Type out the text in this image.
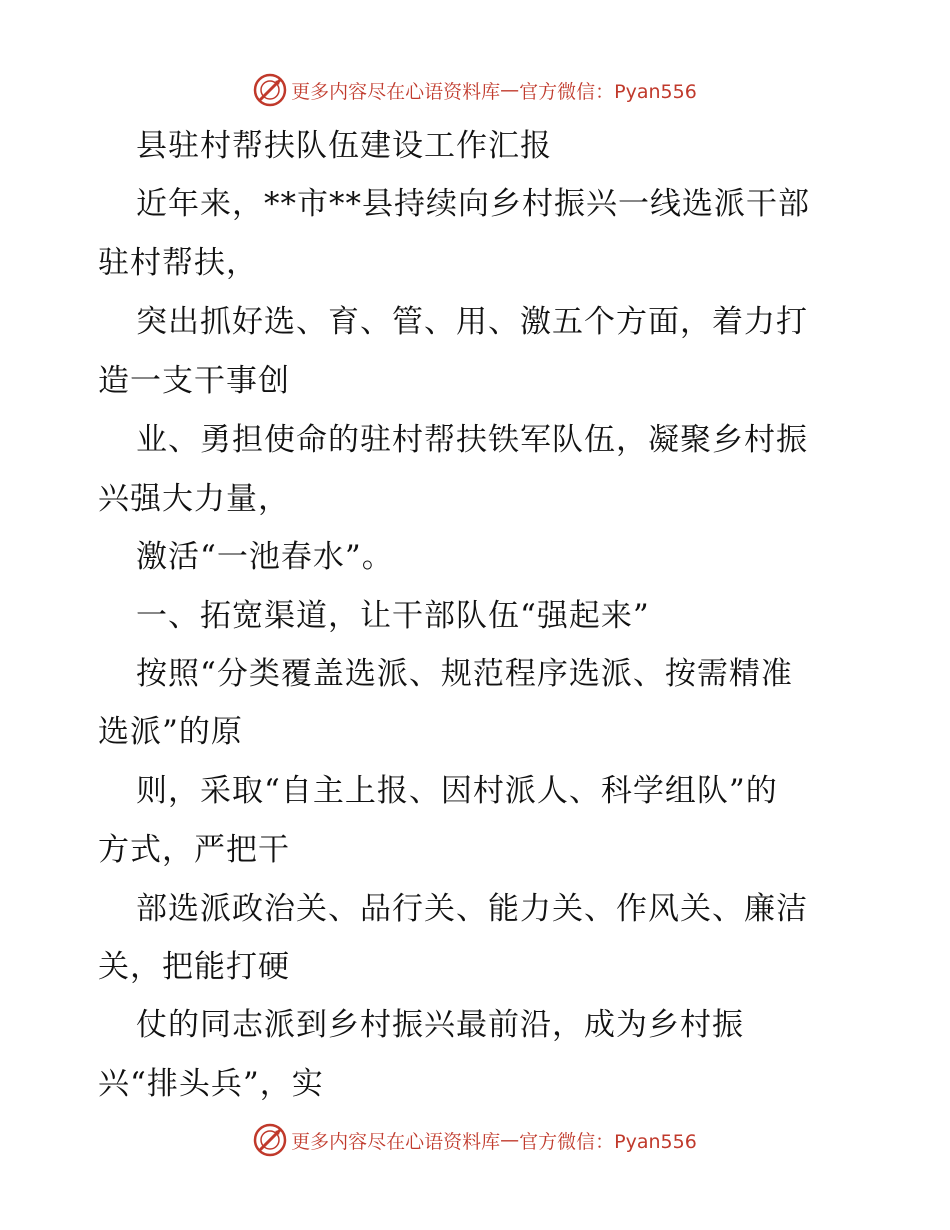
更多内容尽在心语资料库 — 官方微信：Pyan556
县驻村帮扶队伍建设工作汇报
近年来，**市**县持续向乡村振兴一线选派干部
驻村帮扶，
突出抓好选、育、管、用、激五个方面，着力打
造一支干事创
业、勇担使命的驻村帮扶铁军队伍，凝聚乡村振
兴强大力量，
激活“一池春水”。
一、拓宽渠道，让干部队伍“强起来”
按照“分类覆盖选派、规范程序选派、按需精准
选派”的原
则，采取“自主上报、因村派人、科学组队”的
方式，严把干
部选派政治关、品行关、能力关、作风关、廉洁
关，把能打硬
仗的同志派到乡村振兴最前沿，成为乡村振
兴“排头兵”，实
更多内容尽在心语资料库 — 官方微信：Pyan556
